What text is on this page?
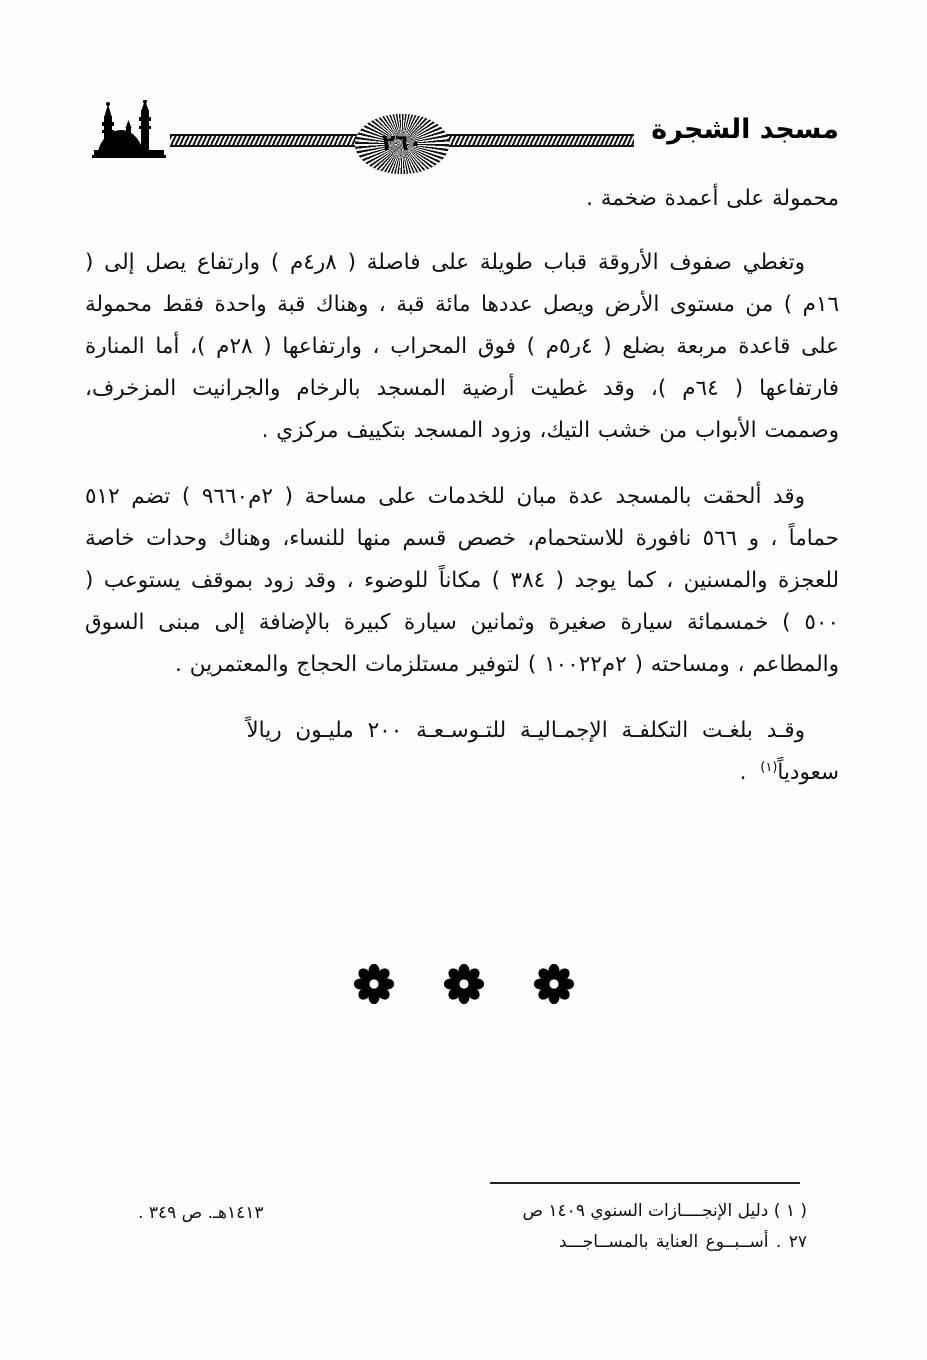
٢٦٠	مسجد الشجرة

محمولة على أعمدة ضخمة .

وتغطي صفوف الأروقة قباب طويلة على فاصلة ( ٨ر٤م ) وارتفاع يصل إلى ( ١٦م ) من مستوى الأرض ويصل عددها مائة قبة ، وهناك قبة واحدة فقط محمولة على قاعدة مربعة بضلع ( ٤ر٥م ) فوق المحراب ، وارتفاعها ( ٢٨م )، أما المنارة فارتفاعها ( ٦٤م )، وقد غطيت أرضية المسجد بالرخام والجرانيت المزخرف، وصممت الأبواب من خشب التيك، وزود المسجد بتكييف مركزي .

وقد ألحقت بالمسجد عدة مبان للخدمات على مساحة ( ٢م٩٦٦٠ ) تضم ٥١٢ حماماً ، و ٥٦٦ نافورة للاستحمام، خصص قسم منها للنساء، وهناك وحدات خاصة للعجزة والمسنين ، كما يوجد ( ٣٨٤ ) مكاناً للوضوء ، وقد زود بموقف يستوعب ( ٥٠٠ ) خمسمائة سيارة صغيرة وثمانين سيارة كبيرة بالإضافة إلى مبنى السوق والمطاعم ، ومساحته ( ٢م١٠٠٢٢ ) لتوفير مستلزمات الحجاج والمعتمرين .

وقـد بلغـت التكلفـة الإجمـاليـة للتـوسـعـة ٢٠٠ مليـون ريالاً
سعودياً$^{(١)}$ .

( ١ ) دليل الإنجــــازات السنوي ١٤٠٩ ص
٢٧ . أســبــوع العناية بالمســاجـــد
١٤١٣هـ. ص ٣٤٩ .
